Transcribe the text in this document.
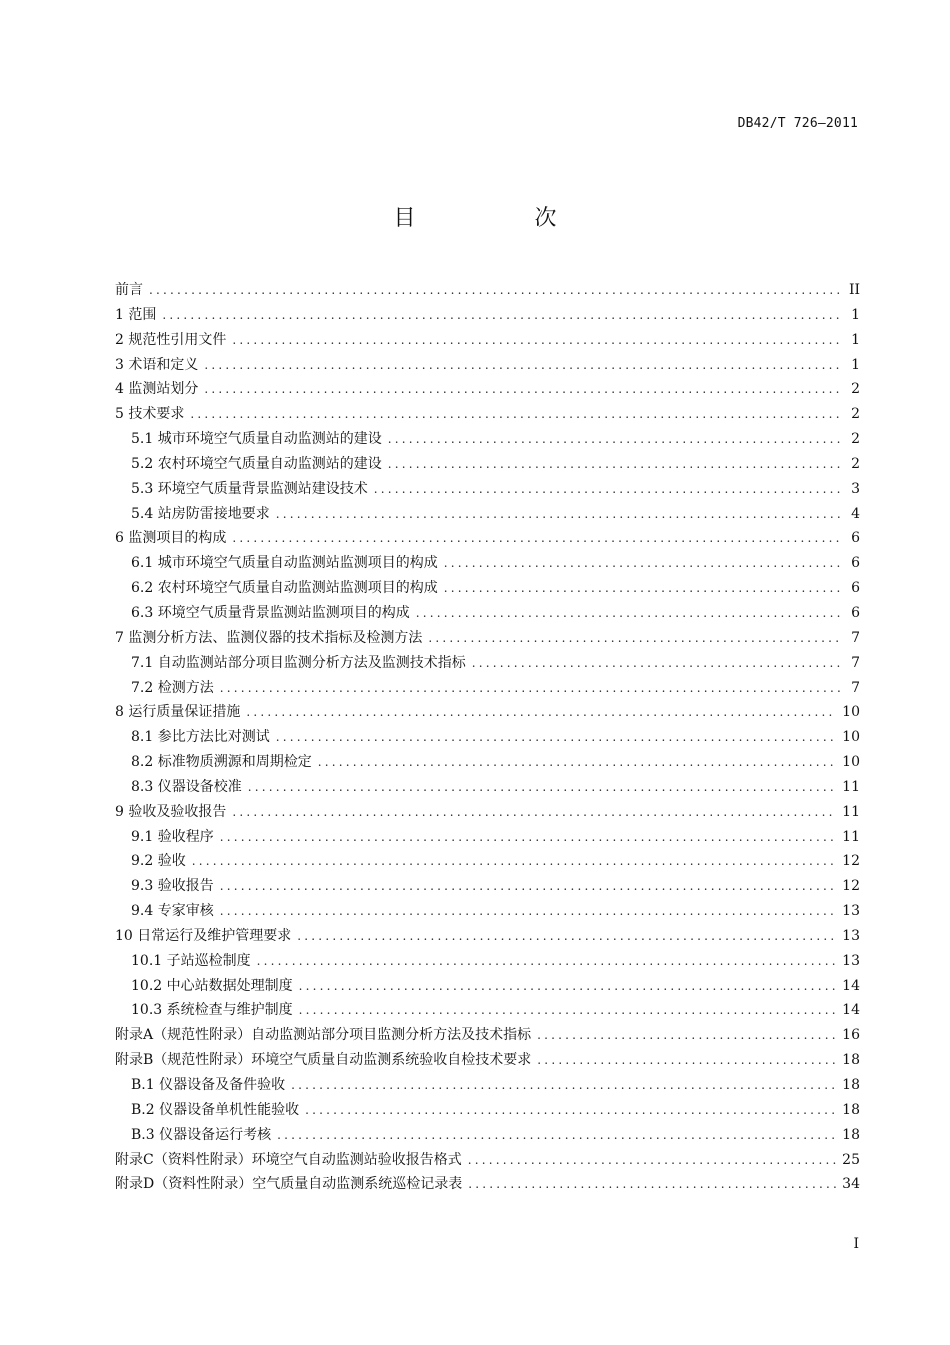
DB42/T 726—2011
目 次
前言 .....	II
1 范围 .....	1
2 规范性引用文件 .....	1
3 术语和定义 .....	1
4 监测站划分 .....	2
5 技术要求 .....	2
5.1 城市环境空气质量自动监测站的建设 .....	2
5.2 农村环境空气质量自动监测站的建设 .....	2
5.3 环境空气质量背景监测站建设技术 .....	3
5.4 站房防雷接地要求 .....	4
6 监测项目的构成 .....	6
6.1 城市环境空气质量自动监测站监测项目的构成 .....	6
6.2 农村环境空气质量自动监测站监测项目的构成 .....	6
6.3 环境空气质量背景监测站监测项目的构成 .....	6
7 监测分析方法、监测仪器的技术指标及检测方法 .....	7
7.1 自动监测站部分项目监测分析方法及监测技术指标 .....	7
7.2 检测方法 .....	7
8 运行质量保证措施 .....	10
8.1 参比方法比对测试 .....	10
8.2 标准物质溯源和周期检定 .....	10
8.3 仪器设备校准 .....	11
9 验收及验收报告 .....	11
9.1 验收程序 .....	11
9.2 验收 .....	12
9.3 验收报告 .....	12
9.4 专家审核 .....	13
10 日常运行及维护管理要求 .....	13
10.1 子站巡检制度 .....	13
10.2 中心站数据处理制度 .....	14
10.3 系统检查与维护制度 .....	14
附录A（规范性附录）自动监测站部分项目监测分析方法及技术指标 .....	16
附录B（规范性附录）环境空气质量自动监测系统验收自检技术要求 .....	18
B.1 仪器设备及备件验收 .....	18
B.2 仪器设备单机性能验收 .....	18
B.3 仪器设备运行考核 .....	18
附录C（资料性附录）环境空气自动监测站验收报告格式 .....	25
附录D（资料性附录）空气质量自动监测系统巡检记录表 .....	34
I
